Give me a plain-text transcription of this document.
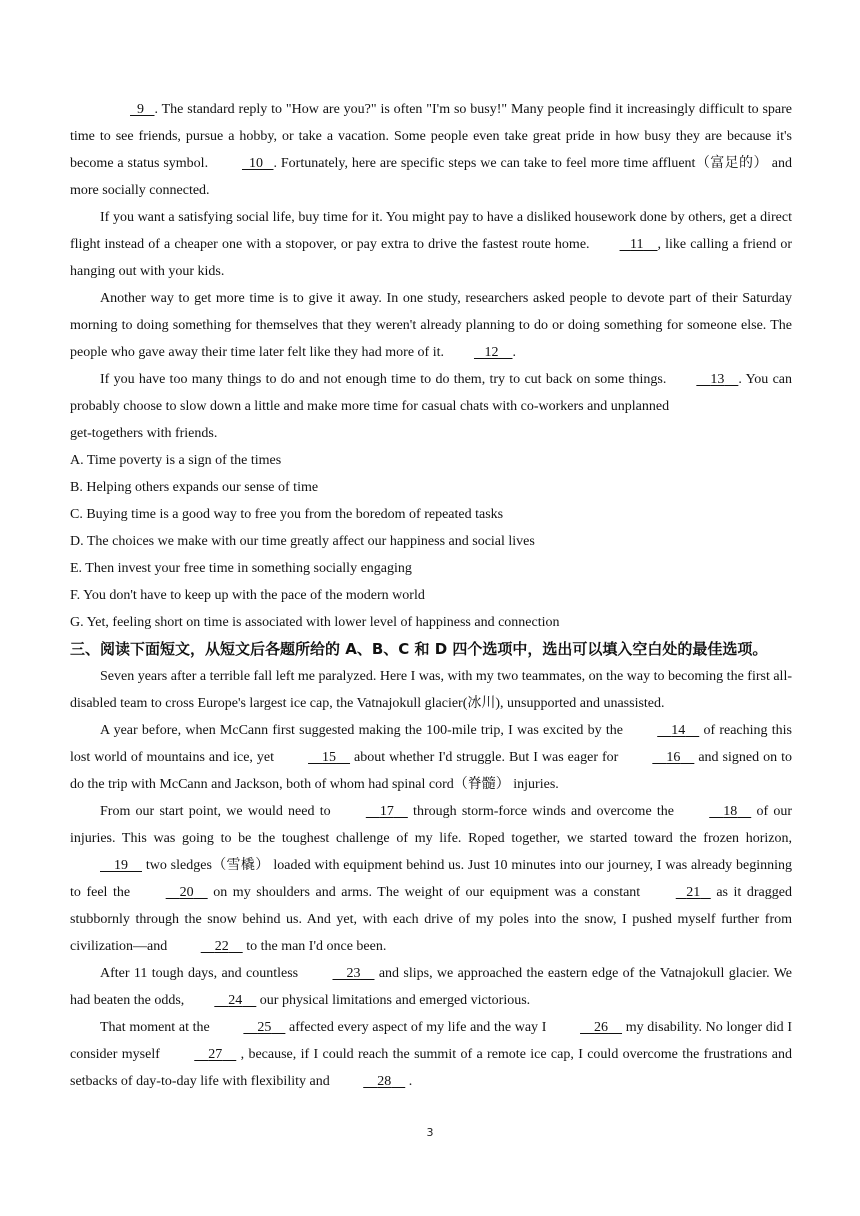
9 . The standard reply to "How are you?" is often "I'm so busy!" Many people find it increasingly difficult to spare time to see friends, pursue a hobby, or take a vacation. Some people even take great pride in how busy they are because it's become a status symbol.	10 . Fortunately, here are specific steps we can take to feel more time affluent（富足的） and more socially connected.

If you want a satisfying social life, buy time for it. You might pay to have a disliked housework done by others, get a direct flight instead of a cheaper one with a stopover, or pay extra to drive the fastest route home.	11 , like calling a friend or hanging out with your kids.

Another way to get more time is to give it away. In one study, researchers asked people to devote part of their Saturday morning to doing something for themselves that they weren't already planning to do or doing something for someone else. The people who gave away their time later felt like they had more of it.	12 .

If you have too many things to do and not enough time to do them, try to cut back on some things.	13 . You can probably choose to slow down a little and make more time for casual chats with co-workers and unplanned

get-togethers with friends.

A. Time poverty is a sign of the times

B. Helping others expands our sense of time

C. Buying time is a good way to free you from the boredom of repeated tasks

D. The choices we make with our time greatly affect our happiness and social lives

E. Then invest your free time in something socially engaging

F. You don't have to keep up with the pace of the modern world

G. Yet, feeling short on time is associated with lower level of happiness and connection

三、阅读下面短文，从短文后各题所给的 A、B、C 和 D 四个选项中，选出可以填入空白处的最佳选项。

Seven years after a terrible fall left me paralyzed. Here I was, with my two teammates, on the way to becoming the first all-disabled team to cross Europe's largest ice cap, the Vatnajokull glacier(冰川), unsupported and unassisted.

A year before, when McCann first suggested making the 100-mile trip, I was excited by the	14     of reaching this lost world of mountains and ice, yet	15     about whether I'd struggle. But I was eager for	16     and signed on to do the trip with McCann and Jackson, both of whom had spinal cord（脊髓） injuries.

From our start point, we would need to	17     through storm-force winds and overcome the	18     of our injuries. This was going to be the toughest challenge of my life. Roped together, we started toward the frozen horizon,    19     two sledges（雪橇） loaded with equipment behind us. Just 10 minutes into our journey, I was already beginning to feel the	20     on my shoulders and arms. The weight of our equipment was a constant	21    as it dragged stubbornly through the snow behind us. And yet, with each drive of my poles into the snow, I pushed myself further from civilization—and	22     to the man I'd once been.

After 11 tough days, and countless	23     and slips, we approached the eastern edge of the Vatnajokull glacier. We had beaten the odds,	24     our physical limitations and emerged victorious.

That moment at the	25     affected every aspect of my life and the way I	26     my disability. No longer did I consider myself	27     , because, if I could reach the summit of a remote ice cap, I could overcome the frustrations and setbacks of day-to-day life with flexibility and	28     .

3
